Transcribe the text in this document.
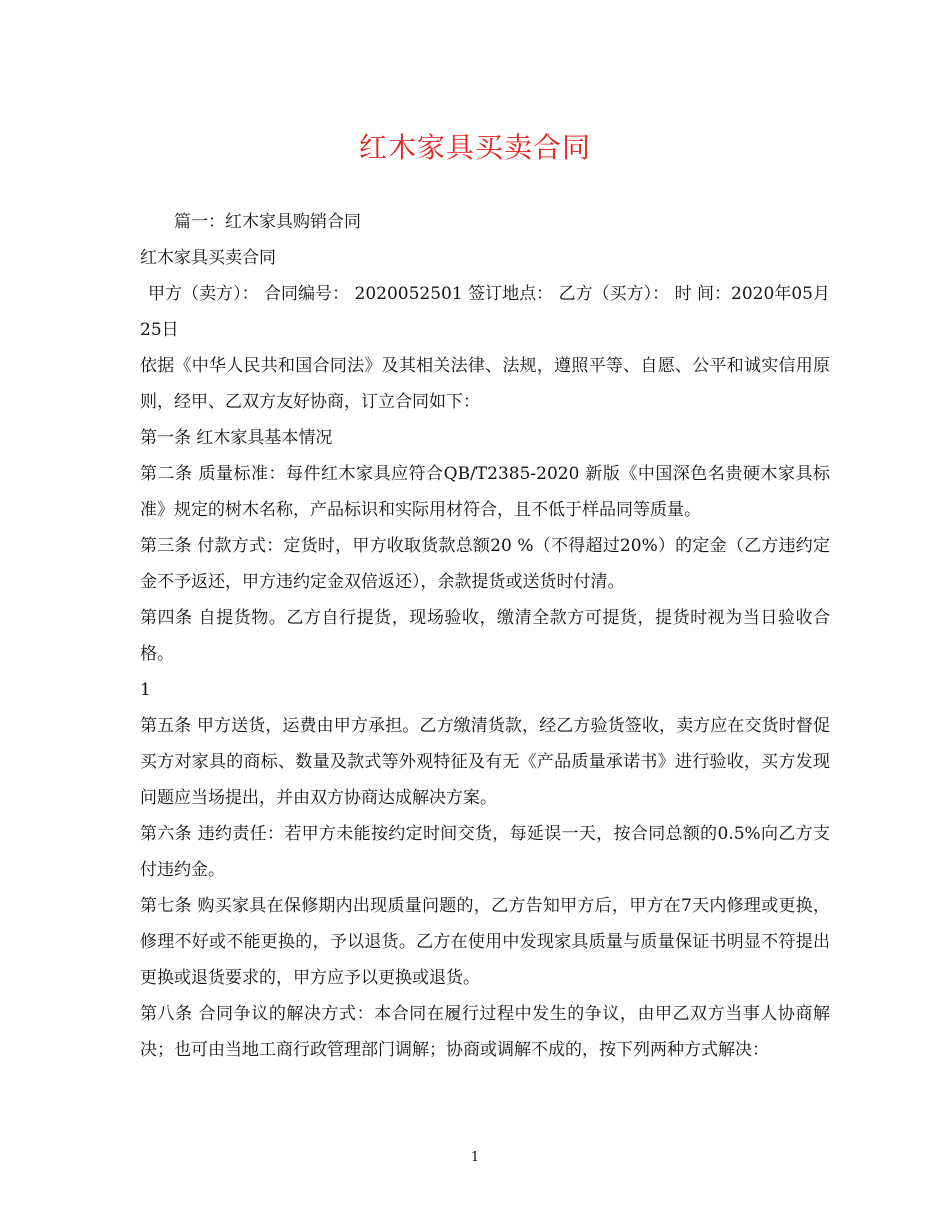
红木家具买卖合同

篇一：红木家具购销合同

红木家具买卖合同

甲方（卖方）： 合同编号： 2020052501 签订地点： 乙方（买方）： 时 间：2020年05月25日

依据《中华人民共和国合同法》及其相关法律、法规，遵照平等、自愿、公平和诚实信用原则，经甲、乙双方友好协商，订立合同如下：

第一条 红木家具基本情况

第二条 质量标准：每件红木家具应符合QB/T2385-2020 新版《中国深色名贵硬木家具标准》规定的树木名称，产品标识和实际用材符合，且不低于样品同等质量。

第三条 付款方式：定货时，甲方收取货款总额20 %（不得超过20%）的定金（乙方违约定金不予返还，甲方违约定金双倍返还），余款提货或送货时付清。

第四条 自提货物。乙方自行提货，现场验收，缴清全款方可提货，提货时视为当日验收合格。

1

第五条 甲方送货，运费由甲方承担。乙方缴清货款，经乙方验货签收，卖方应在交货时督促买方对家具的商标、数量及款式等外观特征及有无《产品质量承诺书》进行验收，买方发现问题应当场提出，并由双方协商达成解决方案。

第六条 违约责任：若甲方未能按约定时间交货，每延误一天，按合同总额的0.5%向乙方支付违约金。

第七条 购买家具在保修期内出现质量问题的，乙方告知甲方后，甲方在7天内修理或更换，修理不好或不能更换的，予以退货。乙方在使用中发现家具质量与质量保证书明显不符提出更换或退货要求的，甲方应予以更换或退货。

第八条 合同争议的解决方式：本合同在履行过程中发生的争议，由甲乙双方当事人协商解决；也可由当地工商行政管理部门调解；协商或调解不成的，按下列两种方式解决：

1
